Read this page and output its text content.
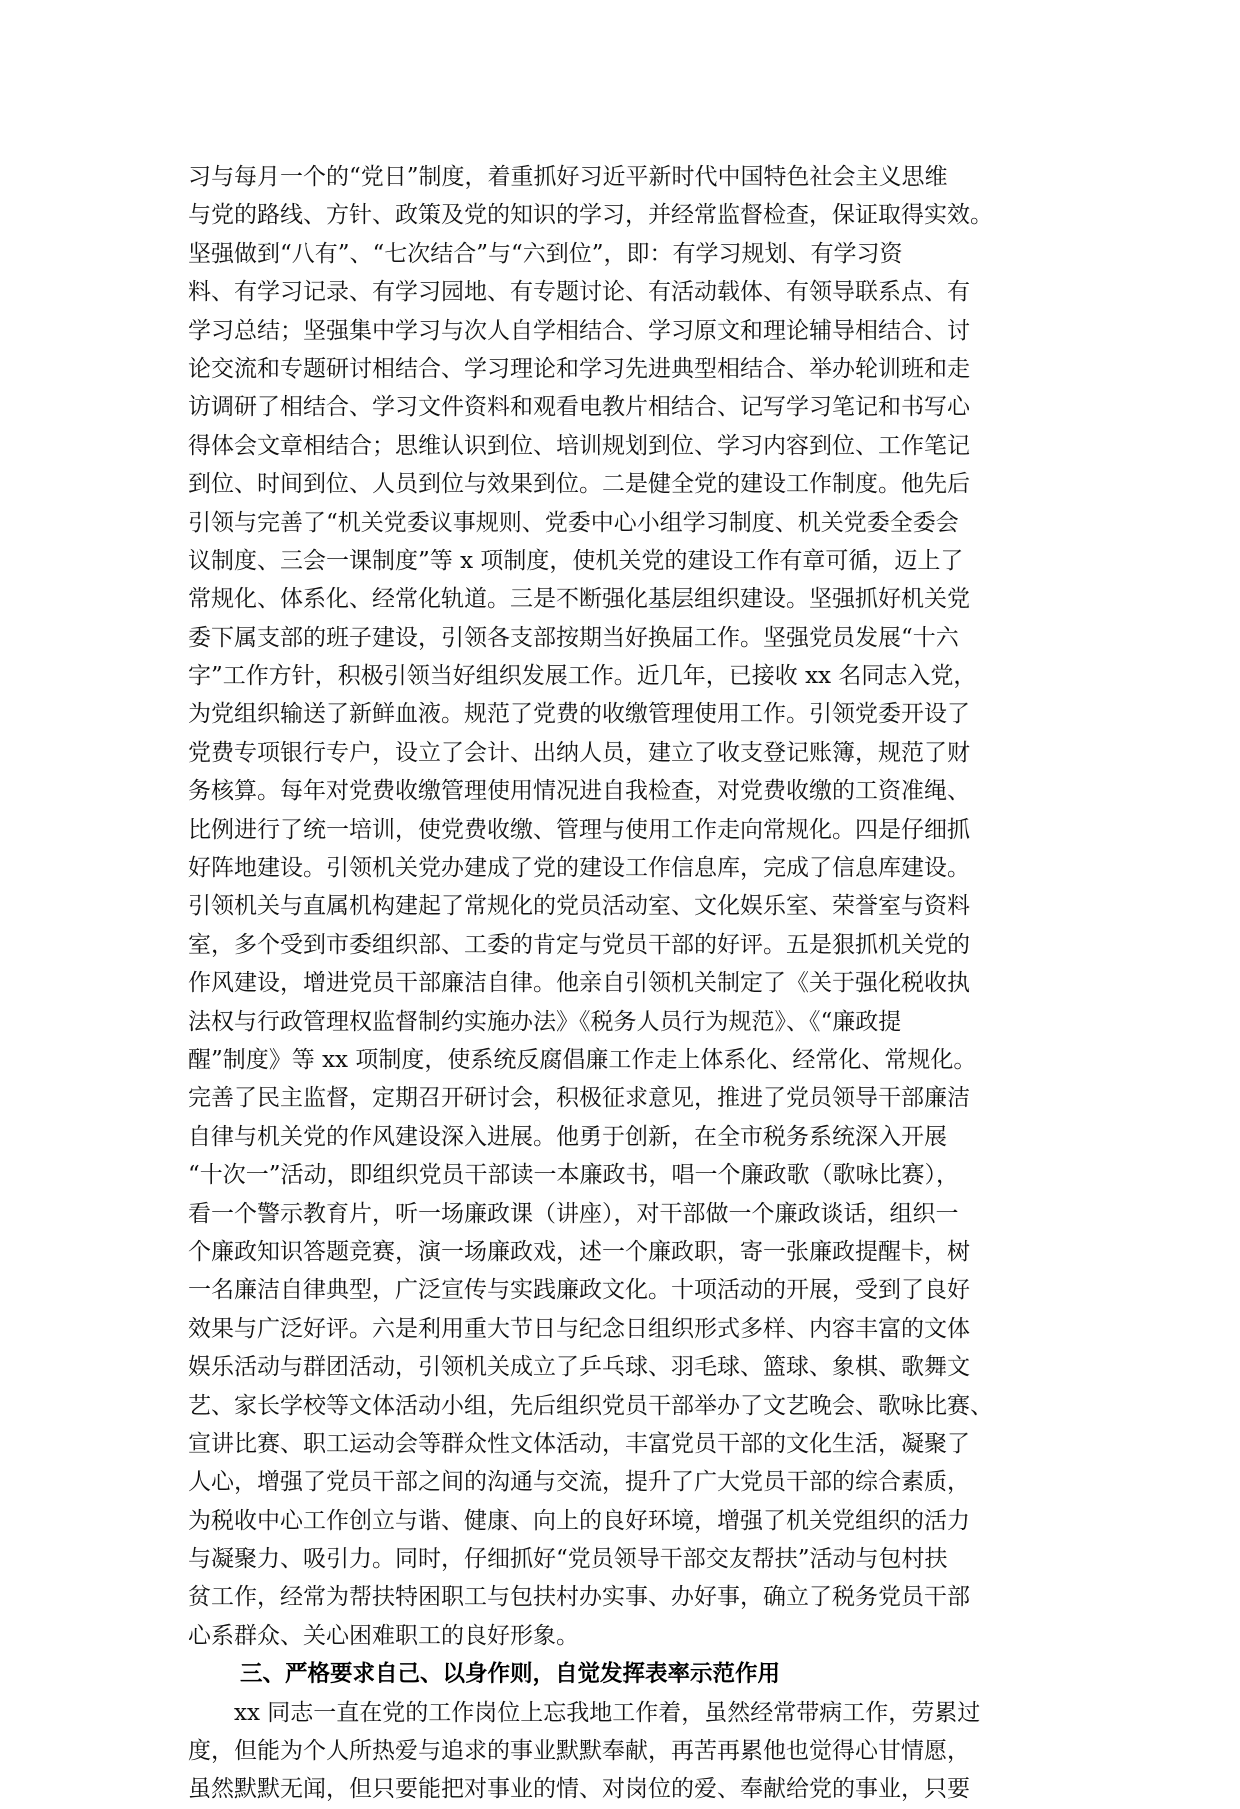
习与每月一个的“党日”制度，着重抓好习近平新时代中国特色社会主义思维
与党的路线、方针、政策及党的知识的学习，并经常监督检查，保证取得实效。
坚强做到“八有”、“七次结合”与“六到位”，即：有学习规划、有学习资
料、有学习记录、有学习园地、有专题讨论、有活动载体、有领导联系点、有
学习总结；坚强集中学习与次人自学相结合、学习原文和理论辅导相结合、讨
论交流和专题研讨相结合、学习理论和学习先进典型相结合、举办轮训班和走
访调研了相结合、学习文件资料和观看电教片相结合、记写学习笔记和书写心
得体会文章相结合；思维认识到位、培训规划到位、学习内容到位、工作笔记
到位、时间到位、人员到位与效果到位。二是健全党的建设工作制度。他先后
引领与完善了“机关党委议事规则、党委中心小组学习制度、机关党委全委会
议制度、三会一课制度”等 x 项制度，使机关党的建设工作有章可循，迈上了
常规化、体系化、经常化轨道。三是不断强化基层组织建设。坚强抓好机关党
委下属支部的班子建设，引领各支部按期当好换届工作。坚强党员发展“十六
字”工作方针，积极引领当好组织发展工作。近几年，已接收 xx 名同志入党，
为党组织输送了新鲜血液。规范了党费的收缴管理使用工作。引领党委开设了
党费专项银行专户，设立了会计、出纳人员，建立了收支登记账簿，规范了财
务核算。每年对党费收缴管理使用情况进自我检查，对党费收缴的工资准绳、
比例进行了统一培训，使党费收缴、管理与使用工作走向常规化。四是仔细抓
好阵地建设。引领机关党办建成了党的建设工作信息库，完成了信息库建设。
引领机关与直属机构建起了常规化的党员活动室、文化娱乐室、荣誉室与资料
室，多个受到市委组织部、工委的肯定与党员干部的好评。五是狠抓机关党的
作风建设，增进党员干部廉洁自律。他亲自引领机关制定了《关于强化税收执
法权与行政管理权监督制约实施办法》《税务人员行为规范》、《“廉政提
醒”制度》等 xx 项制度，使系统反腐倡廉工作走上体系化、经常化、常规化。
完善了民主监督，定期召开研讨会，积极征求意见，推进了党员领导干部廉洁
自律与机关党的作风建设深入进展。他勇于创新，在全市税务系统深入开展
“十次一”活动，即组织党员干部读一本廉政书，唱一个廉政歌（歌咏比赛），
看一个警示教育片，听一场廉政课（讲座），对干部做一个廉政谈话，组织一
个廉政知识答题竞赛，演一场廉政戏，述一个廉政职，寄一张廉政提醒卡，树
一名廉洁自律典型，广泛宣传与实践廉政文化。十项活动的开展，受到了良好
效果与广泛好评。六是利用重大节日与纪念日组织形式多样、内容丰富的文体
娱乐活动与群团活动，引领机关成立了乒乓球、羽毛球、篮球、象棋、歌舞文
艺、家长学校等文体活动小组，先后组织党员干部举办了文艺晚会、歌咏比赛、
宣讲比赛、职工运动会等群众性文体活动，丰富党员干部的文化生活，凝聚了
人心，增强了党员干部之间的沟通与交流，提升了广大党员干部的综合素质，
为税收中心工作创立与谐、健康、向上的良好环境，增强了机关党组织的活力
与凝聚力、吸引力。同时，仔细抓好“党员领导干部交友帮扶”活动与包村扶
贫工作，经常为帮扶特困职工与包扶村办实事、办好事，确立了税务党员干部
心系群众、关心困难职工的良好形象。
三、严格要求自己、以身作则，自觉发挥表率示范作用
xx 同志一直在党的工作岗位上忘我地工作着，虽然经常带病工作，劳累过
度，但能为个人所热爱与追求的事业默默奉献，再苦再累他也觉得心甘情愿，
虽然默默无闻，但只要能把对事业的情、对岗位的爱、奉献给党的事业，只要
